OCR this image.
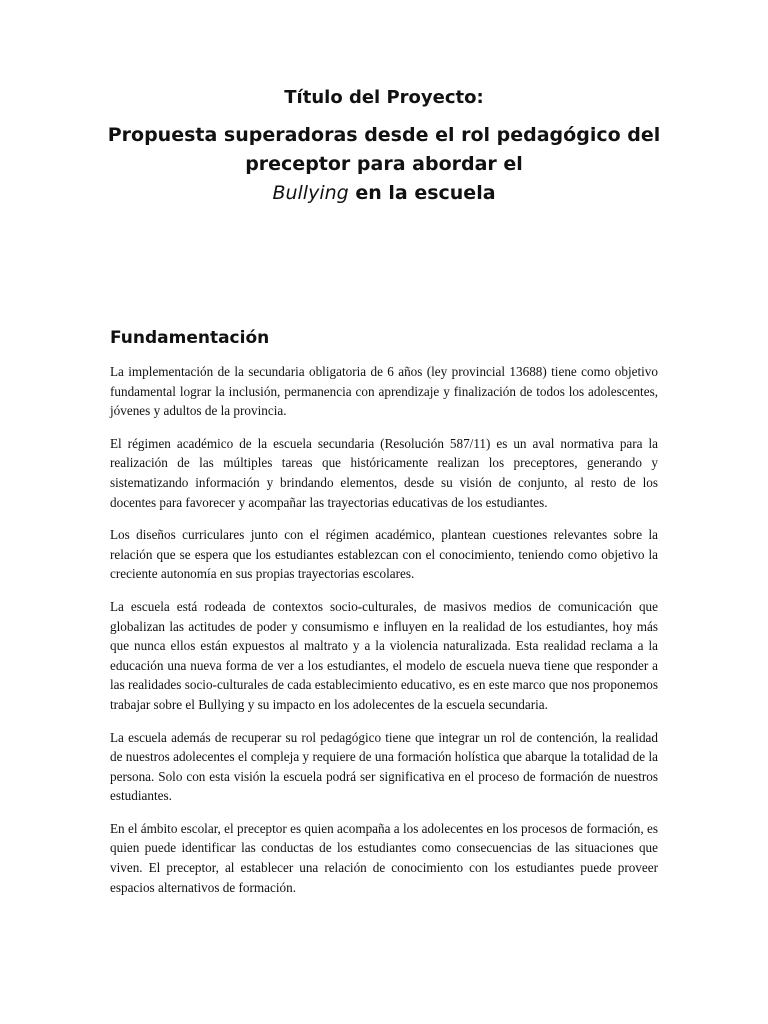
Título del Proyecto:
Propuesta superadoras desde el rol pedagógico del preceptor para abordar el
Bullying en la escuela
Fundamentación

La implementación de la secundaria obligatoria de 6 años (ley provincial 13688) tiene como objetivo fundamental lograr la inclusión, permanencia con aprendizaje y finalización de todos los adolescentes, jóvenes y adultos de la provincia.

El régimen académico de la escuela secundaria (Resolución 587/11) es un aval normativa para la realización de las múltiples tareas que históricamente realizan los preceptores, generando y sistematizando información y brindando elementos, desde su visión de conjunto, al resto de los docentes para favorecer y acompañar las trayectorias educativas de los estudiantes.

Los diseños curriculares junto con el régimen académico, plantean cuestiones relevantes sobre la relación que se espera que los estudiantes establezcan con el conocimiento, teniendo como objetivo la creciente autonomía en sus propias trayectorias escolares.

La escuela está rodeada de contextos socio-culturales, de masivos medios de comunicación que globalizan las actitudes de poder y consumismo e influyen en la realidad de los estudiantes, hoy más que nunca ellos están expuestos al maltrato y a la violencia naturalizada. Esta realidad reclama a la educación una nueva forma de ver a los estudiantes, el modelo de escuela nueva tiene que responder a las realidades socio-culturales de cada establecimiento educativo, es en este marco que nos proponemos trabajar sobre el Bullying y su impacto en los adolecentes de la escuela secundaria.

La escuela además de recuperar su rol pedagógico tiene que integrar un rol de contención, la realidad de nuestros adolecentes el compleja y requiere de una formación holística que abarque la totalidad de la persona. Solo con esta visión la escuela podrá ser significativa en el proceso de formación de nuestros estudiantes.

En el ámbito escolar, el preceptor es quien acompaña a los adolecentes en los procesos de formación, es quien puede identificar las conductas de los estudiantes como consecuencias de las situaciones que viven. El preceptor, al establecer una relación de conocimiento con los estudiantes puede proveer espacios alternativos de formación.
